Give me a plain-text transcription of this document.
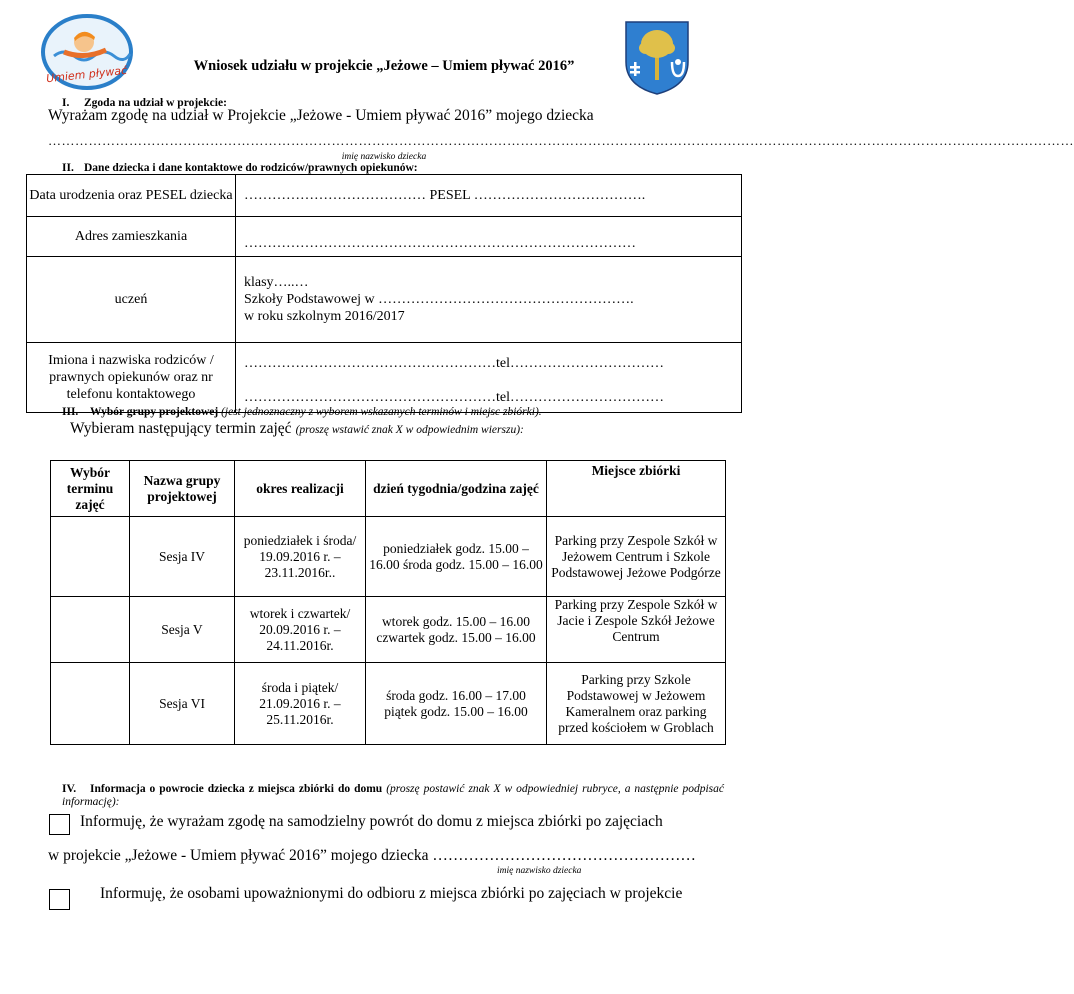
Umiem pływać	Wniosek udziału w projekcie „Jeżowe – Umiem pływać 2016”
I. Zgoda na udział w projekcie:
Wyrażam zgodę na udział w Projekcie „Jeżowe - Umiem pływać 2016” mojego dziecka
…………………………………………………………………………………………………………………………………………………………………………………………………………
imię nazwisko dziecka
II. Dane dziecka i dane kontaktowe do rodziców/prawnych opiekunów:
Data urodzenia oraz PESEL dziecka	………………………………… PESEL ……………………………….
Adres zamieszkania	…………………………………………………………………………
uczeń	klasy…..…
Szkoły Podstawowej w ……………………………………………….
w roku szkolnym 2016/2017

Imiona i nazwiska rodziców / prawnych opiekunów oraz nr telefonu kontaktowego	………………………………………………tel……………………………
………………………………………………tel……………………………
III. Wybór grupy projektowej (jest jednoznaczny z wyborem wskazanych terminów i miejsc zbiórki).
Wybieram następujący termin zajęć (proszę wstawić znak X w odpowiednim wierszu):
Wybór terminu zajęć	Nazwa grupy projektowej	okres realizacji	dzień tygodnia/godzina zajęć	Miejsce zbiórki
	Sesja IV	poniedziałek i środa/ 19.09.2016 r. – 23.11.2016r..	poniedziałek godz. 15.00 – 16.00 środa godz. 15.00 – 16.00	Parking przy Zespole Szkół w Jeżowem Centrum i Szkole Podstawowej Jeżowe Podgórze
	Sesja V	wtorek i czwartek/ 20.09.2016 r. – 24.11.2016r.	wtorek godz. 15.00 – 16.00 czwartek godz. 15.00 – 16.00	Parking przy Zespole Szkół w Jacie i Zespole Szkół Jeżowe Centrum
	Sesja VI	środa i piątek/ 21.09.2016 r. – 25.11.2016r.	środa godz. 16.00 – 17.00 piątek godz. 15.00 – 16.00	Parking przy Szkole Podstawowej w Jeżowem Kameralnem oraz parking przed kościołem w Groblach
IV. Informacja o powrocie dziecka z miejsca zbiórki do domu (proszę postawić znak X w odpowiedniej rubryce, a następnie podpisać informację):
Informuję, że wyrażam zgodę na samodzielny powrót do domu z miejsca zbiórki po zajęciach
w projekcie „Jeżowe - Umiem pływać 2016” mojego dziecka ……………………………………………
imię nazwisko dziecka
Informuję, że osobami upoważnionymi do odbioru z miejsca zbiórki po zajęciach w projekcie
